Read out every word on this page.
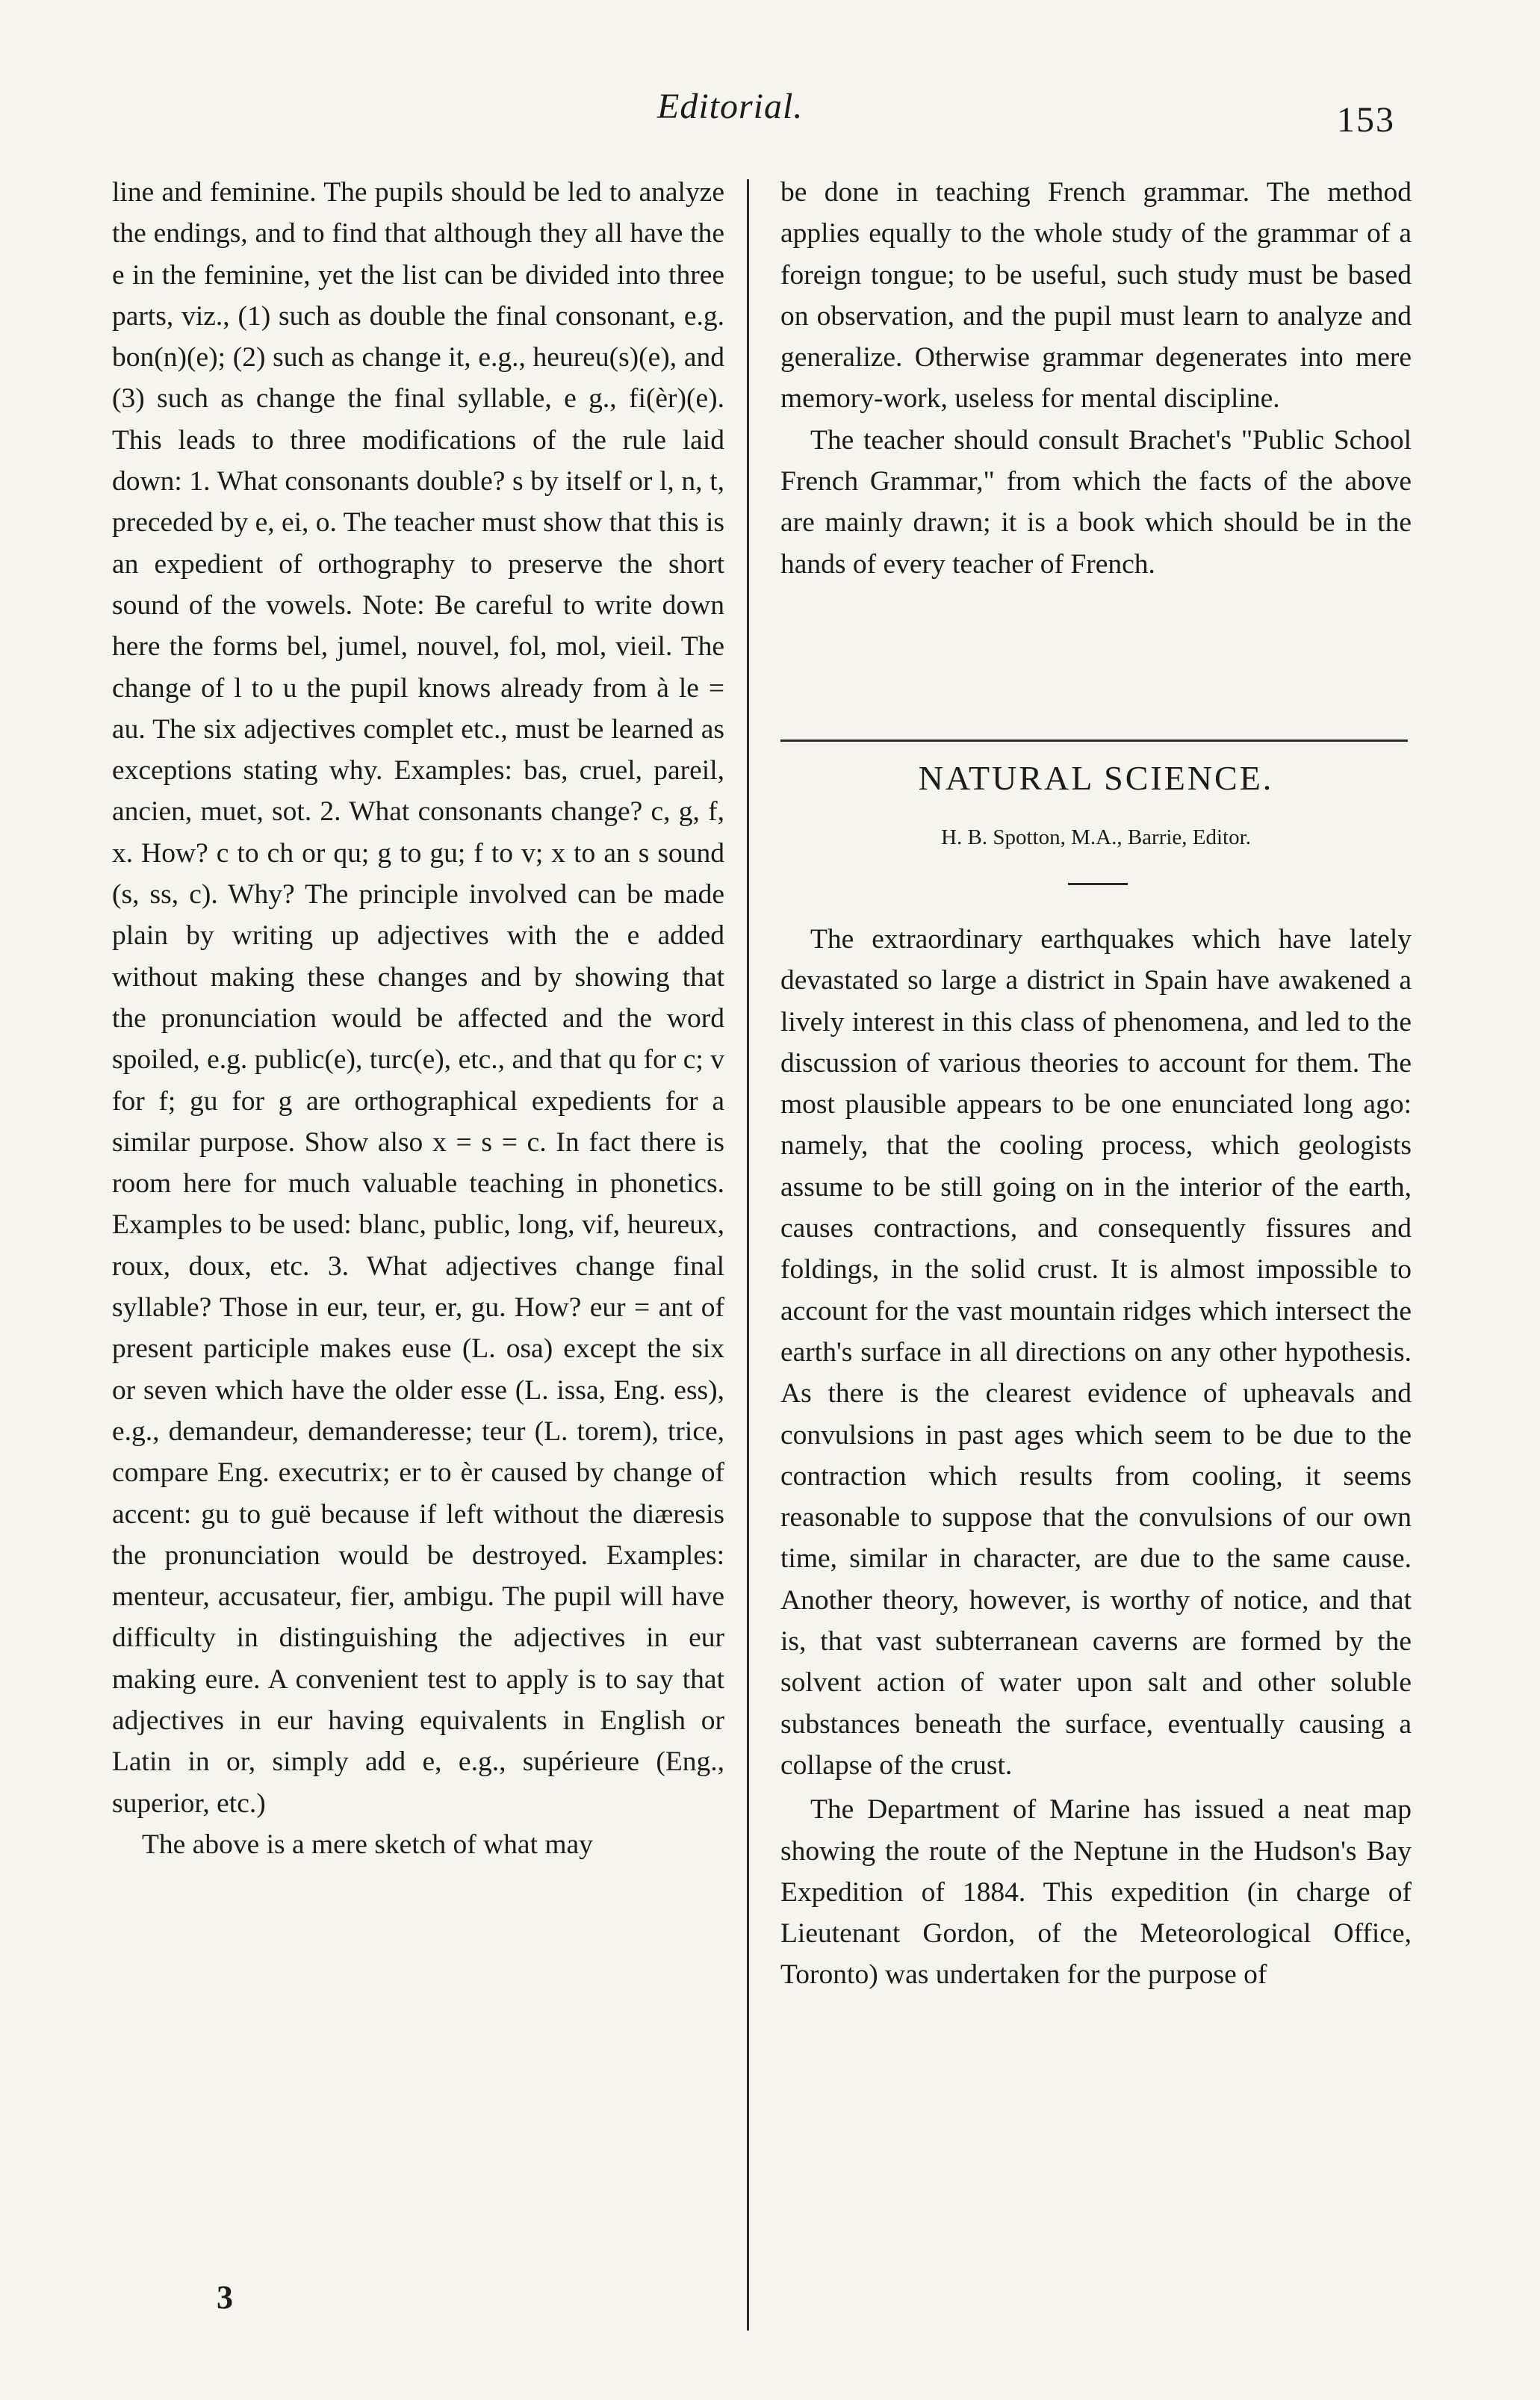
Editorial.	153

line and feminine. The pupils should be led to analyze the endings, and to find that although they all have the e in the feminine, yet the list can be divided into three parts, viz., (1) such as double the final consonant, e.g. bon(n)(e); (2) such as change it, e.g., heureu(s)(e), and (3) such as change the final syllable, e g., fi(èr)(e). This leads to three modifications of the rule laid down: 1. What consonants double? s by itself or l, n, t, preceded by e, ei, o. The teacher must show that this is an expedient of orthography to preserve the short sound of the vowels. Note: Be careful to write down here the forms bel, jumel, nouvel, fol, mol, vieil. The change of l to u the pupil knows already from à le = au. The six adjectives complet etc., must be learned as exceptions stating why. Examples: bas, cruel, pareil, ancien, muet, sot. 2. What consonants change? c, g, f, x. How? c to ch or qu; g to gu; f to v; x to an s sound (s, ss, c). Why? The principle involved can be made plain by writing up adjectives with the e added without making these changes and by showing that the pronunciation would be affected and the word spoiled, e.g. public(e), turc(e), etc., and that qu for c; v for f; gu for g are orthographical expedients for a similar purpose. Show also x = s = c. In fact there is room here for much valuable teaching in phonetics. Examples to be used: blanc, public, long, vif, heureux, roux, doux, etc. 3. What adjectives change final syllable? Those in eur, teur, er, gu. How? eur = ant of present participle makes euse (L. osa) except the six or seven which have the older esse (L. issa, Eng. ess), e.g., demandeur, demanderesse; teur (L. torem), trice, compare Eng. executrix; er to èr caused by change of accent: gu to guë because if left without the diæresis the pronunciation would be destroyed. Examples: menteur, accusateur, fier, ambigu. The pupil will have difficulty in distinguishing the adjectives in eur making eure. A convenient test to apply is to say that adjectives in eur having equivalents in English or Latin in or, simply add e, e.g., supérieure (Eng., superior, etc.)

The above is a mere sketch of what may

be done in teaching French grammar. The method applies equally to the whole study of the grammar of a foreign tongue; to be useful, such study must be based on observation, and the pupil must learn to analyze and generalize. Otherwise grammar degenerates into mere memory-work, useless for mental discipline.

The teacher should consult Brachet's "Public School French Grammar," from which the facts of the above are mainly drawn; it is a book which should be in the hands of every teacher of French.

NATURAL SCIENCE.
H. B. Spotton, M.A., Barrie, Editor.

The extraordinary earthquakes which have lately devastated so large a district in Spain have awakened a lively interest in this class of phenomena, and led to the discussion of various theories to account for them. The most plausible appears to be one enunciated long ago: namely, that the cooling process, which geologists assume to be still going on in the interior of the earth, causes contractions, and consequently fissures and foldings, in the solid crust. It is almost impossible to account for the vast mountain ridges which intersect the earth's surface in all directions on any other hypothesis. As there is the clearest evidence of upheavals and convulsions in past ages which seem to be due to the contraction which results from cooling, it seems reasonable to suppose that the convulsions of our own time, similar in character, are due to the same cause. Another theory, however, is worthy of notice, and that is, that vast subterranean caverns are formed by the solvent action of water upon salt and other soluble substances beneath the surface, eventually causing a collapse of the crust.

The Department of Marine has issued a neat map showing the route of the Neptune in the Hudson's Bay Expedition of 1884. This expedition (in charge of Lieutenant Gordon, of the Meteorological Office, Toronto) was undertaken for the purpose of

3
